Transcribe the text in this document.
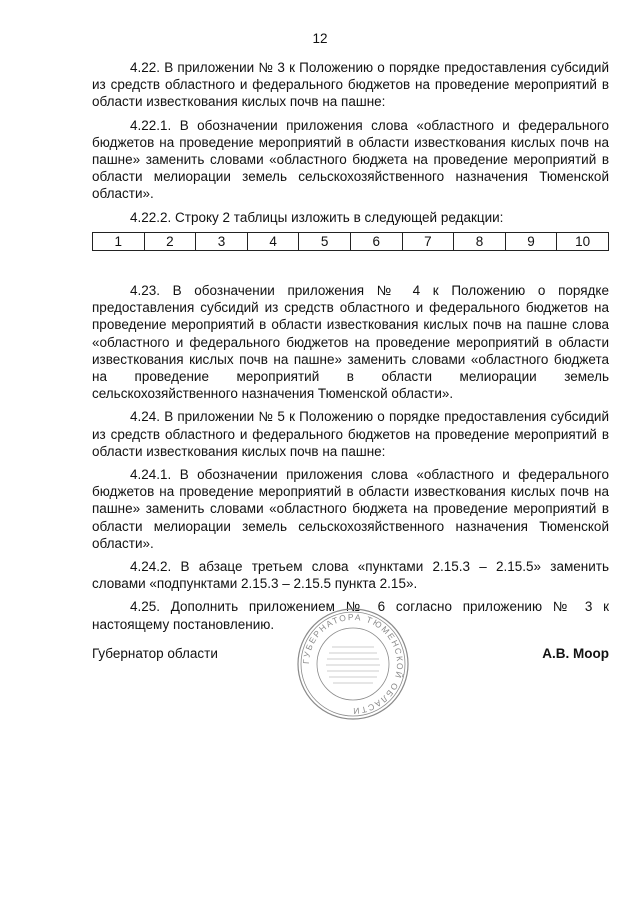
12

4.22. В приложении № 3 к Положению о порядке предоставления субсидий из средств областного и федерального бюджетов на проведение мероприятий в области известкования кислых почв на пашне:

4.22.1. В обозначении приложения слова «областного и федерального бюджетов на проведение мероприятий в области известкования кислых почв на пашне» заменить словами «областного бюджета на проведение мероприятий в области мелиорации земель сельскохозяйственного назначения Тюменской области».

4.22.2. Строку 2 таблицы изложить в следующей редакции:

1	2	3	4	5	6	7	8	9	10

4.23. В обозначении приложения № 4 к Положению о порядке предоставления субсидий из средств областного и федерального бюджетов на проведение мероприятий в области известкования кислых почв на пашне слова «областного и федерального бюджетов на проведение мероприятий в области известкования кислых почв на пашне» заменить словами «областного бюджета на проведение мероприятий в области мелиорации земель сельскохозяйственного назначения Тюменской области».

4.24. В приложении № 5 к Положению о порядке предоставления субсидий из средств областного и федерального бюджетов на проведение мероприятий в области известкования кислых почв на пашне:

4.24.1. В обозначении приложения слова «областного и федерального бюджетов на проведение мероприятий в области известкования кислых почв на пашне» заменить словами «областного бюджета на проведение мероприятий в области мелиорации земель сельскохозяйственного назначения Тюменской области».

4.24.2. В абзаце третьем слова «пунктами 2.15.3 – 2.15.5» заменить словами «подпунктами 2.15.3 – 2.15.5 пункта 2.15».

4.25. Дополнить приложением № 6 согласно приложению № 3 к настоящему постановлению.

Губернатор области	А.В. Моор
ГУБЕРНАТОРА ТЮМЕНСКОЙ ОБЛАСТИ
